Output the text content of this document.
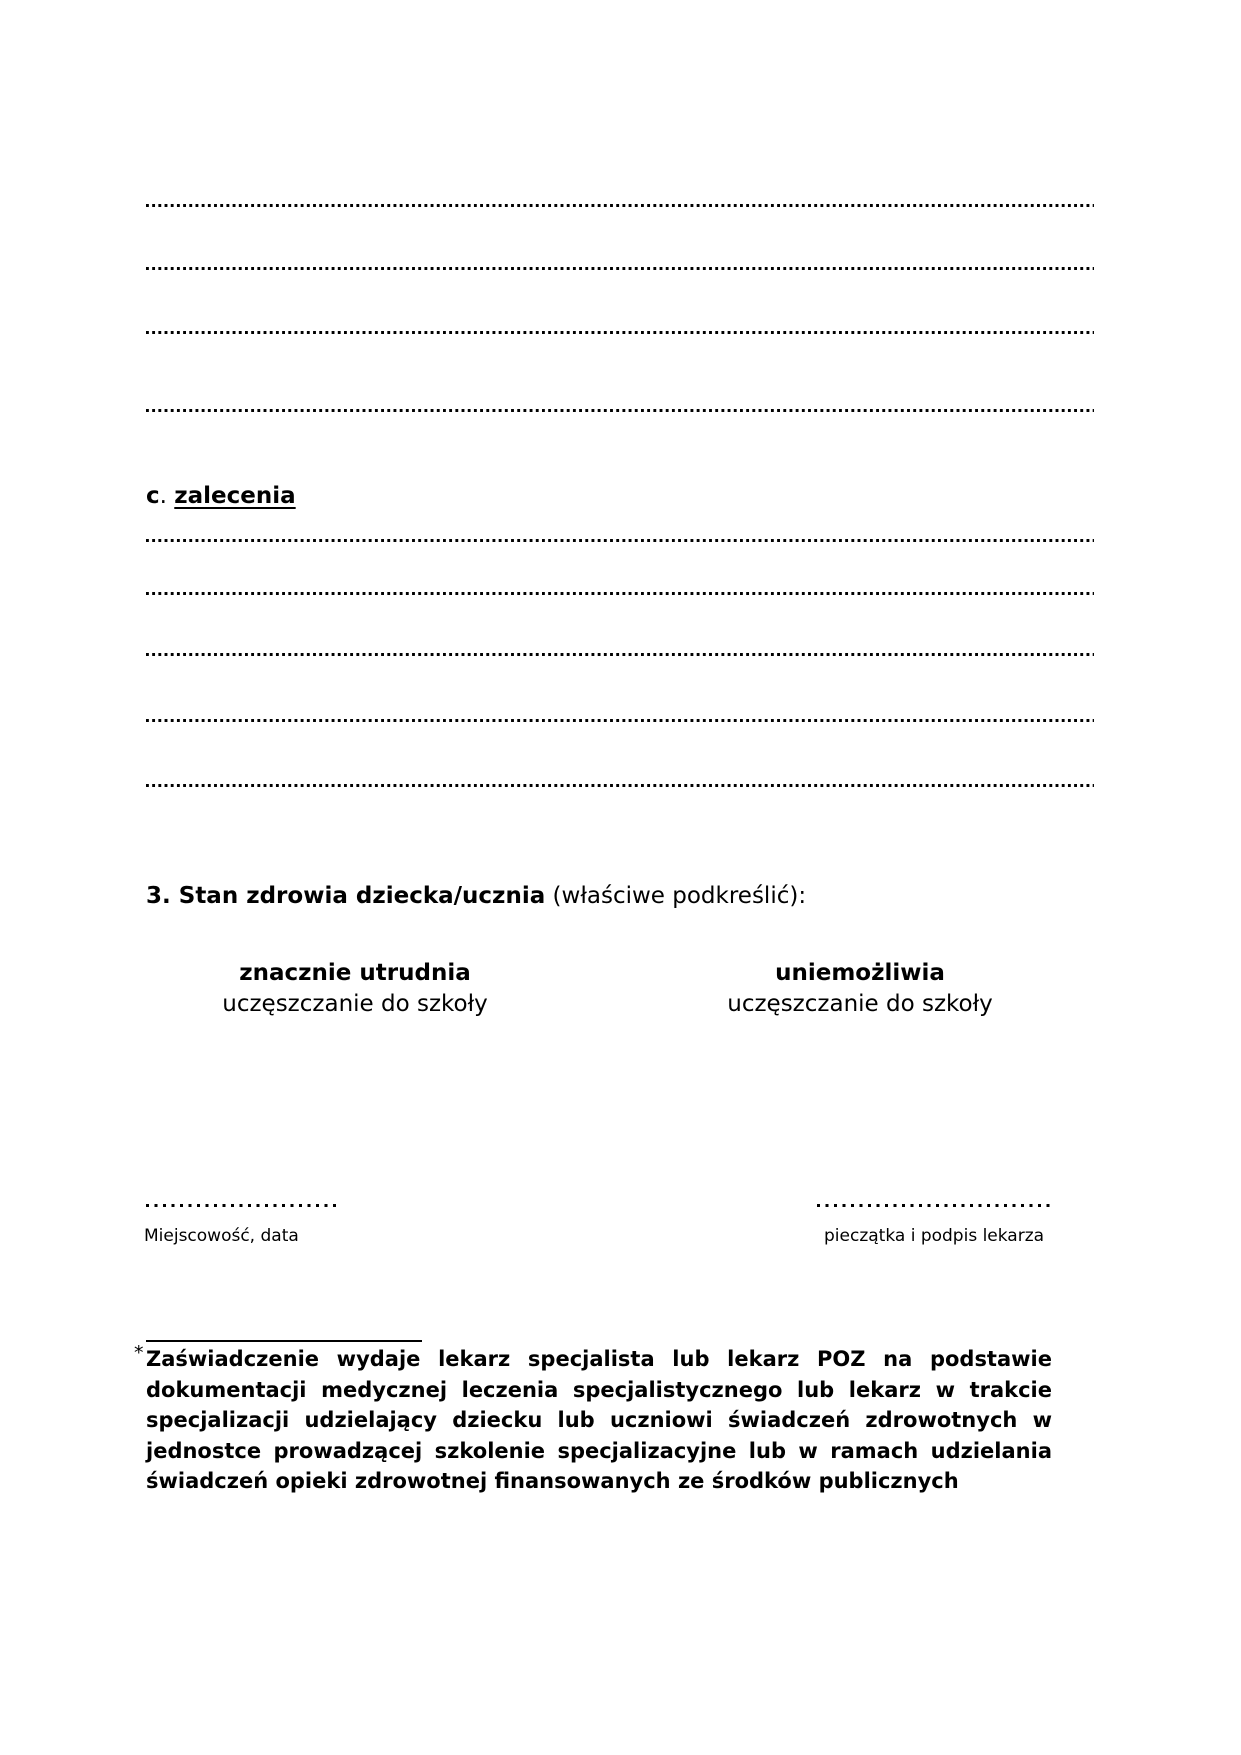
c. zalecenia
3. Stan zdrowia dziecka/ucznia (właściwe podkreślić):
znacznie utrudnia
uczęszczanie do szkoły
uniemożliwia
uczęszczanie do szkoły
Miejscowość, data	pieczątka i podpis lekarza
* Zaświadczenie wydaje lekarz specjalista lub lekarz POZ na podstawie dokumentacji medycznej leczenia specjalistycznego lub lekarz w trakcie specjalizacji udzielający dziecku lub uczniowi świadczeń zdrowotnych w jednostce prowadzącej szkolenie specjalizacyjne lub w ramach udzielania świadczeń opieki zdrowotnej finansowanych ze środków publicznych
